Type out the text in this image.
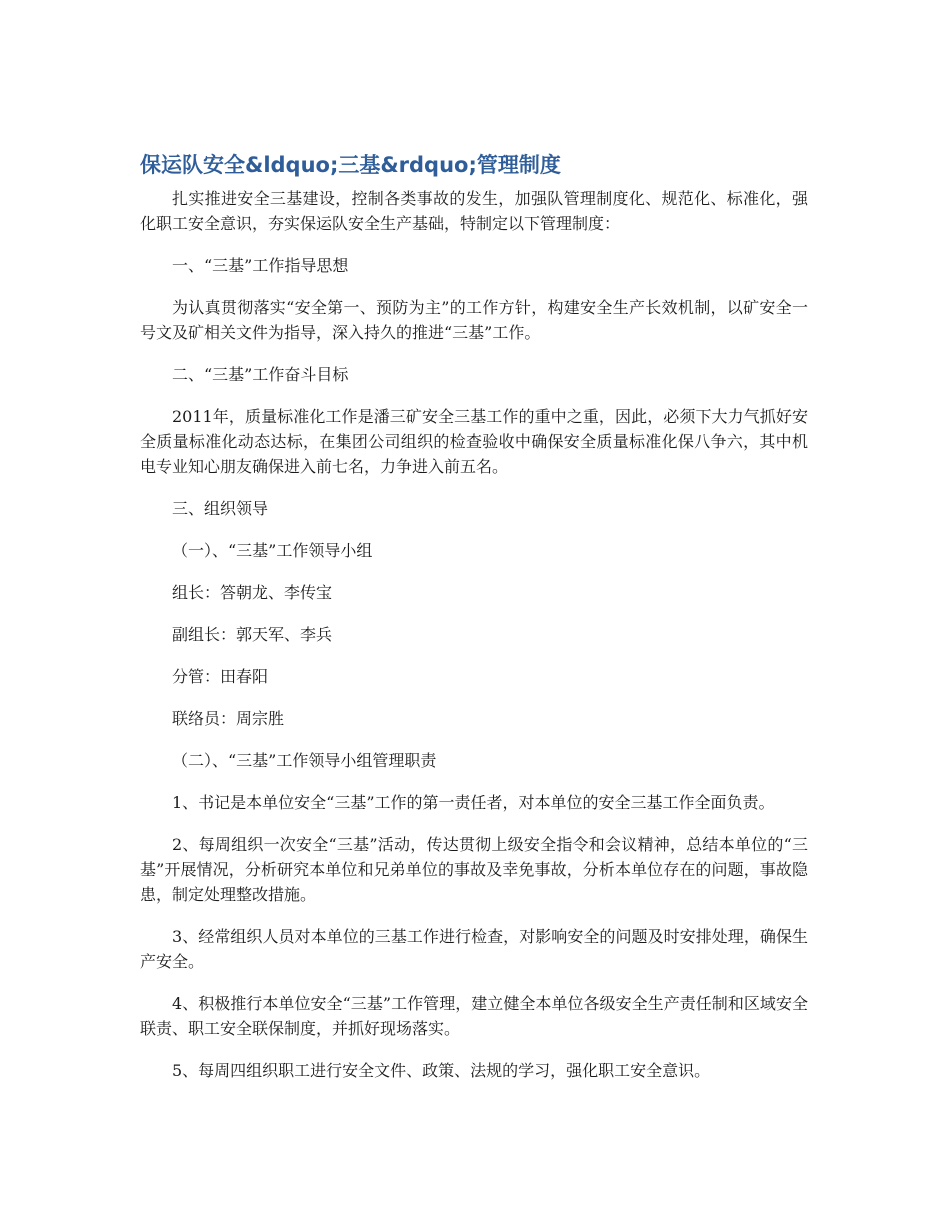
保运队安全&ldquo;三基&rdquo;管理制度

扎实推进安全三基建设，控制各类事故的发生，加强队管理制度化、规范化、标准化，强化职工安全意识，夯实保运队安全生产基础，特制定以下管理制度：

一、“三基”工作指导思想

为认真贯彻落实“安全第一、预防为主”的工作方针，构建安全生产长效机制，以矿安全一号文及矿相关文件为指导，深入持久的推进“三基”工作。

二、“三基”工作奋斗目标

2011年，质量标准化工作是潘三矿安全三基工作的重中之重，因此，必须下大力气抓好安全质量标准化动态达标，在集团公司组织的检查验收中确保安全质量标准化保八争六，其中机电专业知心朋友确保进入前七名，力争进入前五名。

三、组织领导

（一）、“三基”工作领导小组

组长：答朝龙、李传宝

副组长：郭天军、李兵

分管：田春阳

联络员：周宗胜

（二）、“三基”工作领导小组管理职责

1、书记是本单位安全“三基”工作的第一责任者，对本单位的安全三基工作全面负责。

2、每周组织一次安全“三基”活动，传达贯彻上级安全指令和会议精神，总结本单位的“三基”开展情况，分析研究本单位和兄弟单位的事故及幸免事故，分析本单位存在的问题，事故隐患，制定处理整改措施。

3、经常组织人员对本单位的三基工作进行检查，对影响安全的问题及时安排处理，确保生产安全。

4、积极推行本单位安全“三基”工作管理，建立健全本单位各级安全生产责任制和区域安全联责、职工安全联保制度，并抓好现场落实。

5、每周四组织职工进行安全文件、政策、法规的学习，强化职工安全意识。
